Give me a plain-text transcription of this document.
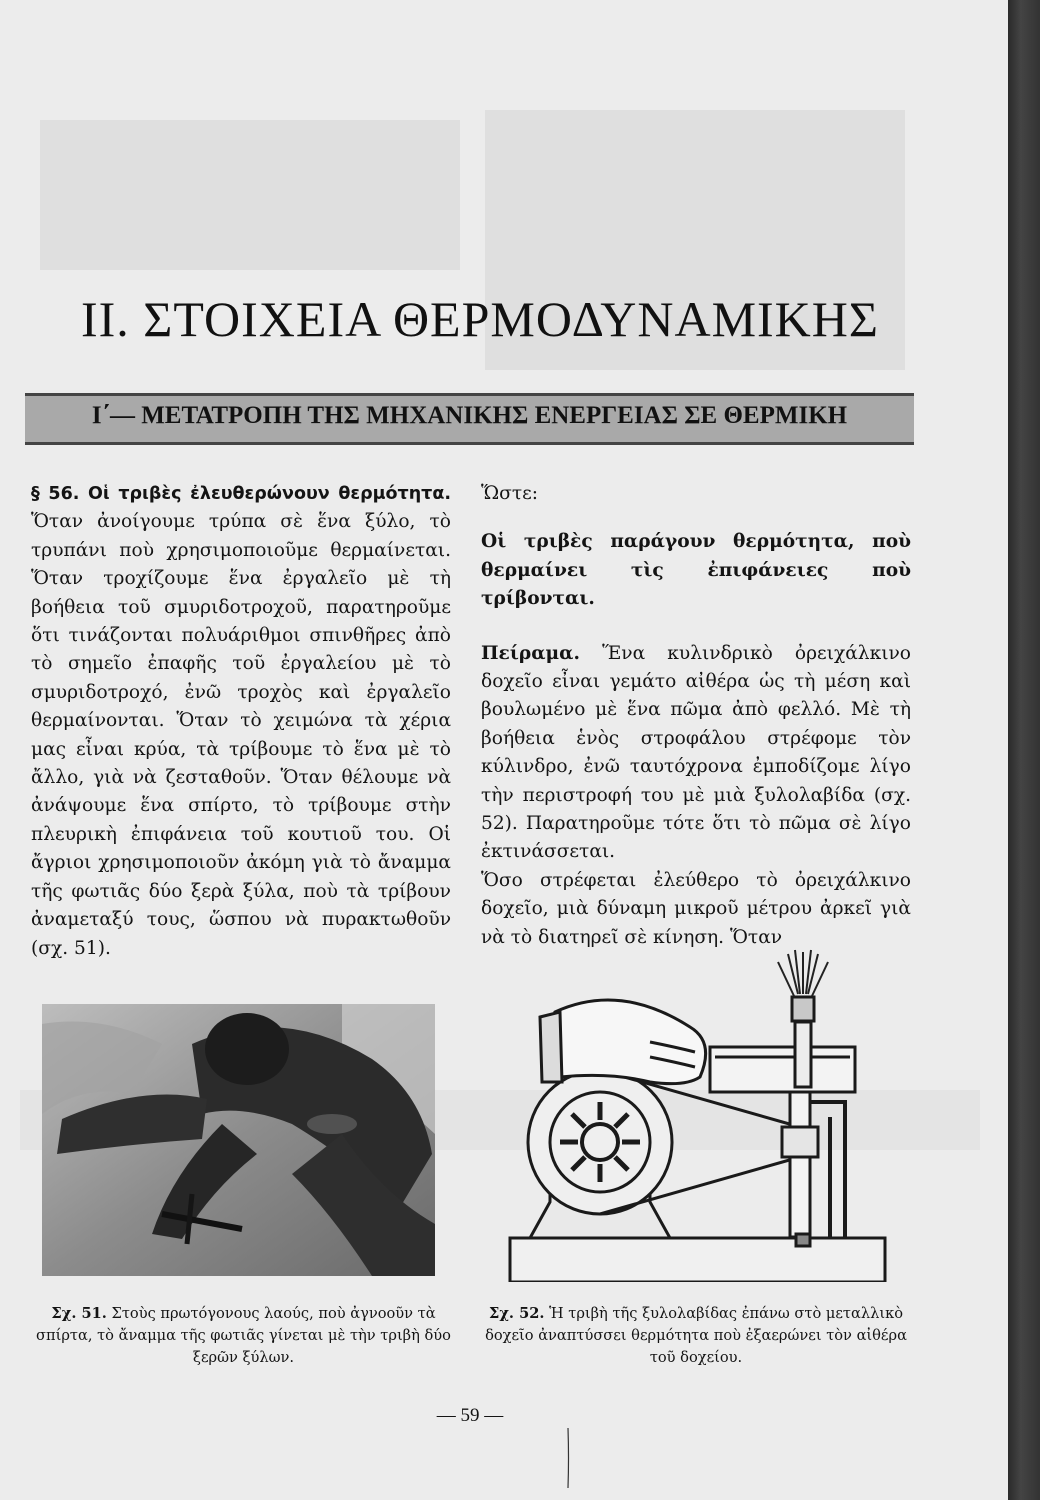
ΙΙ. ΣΤΟΙΧΕΙΑ ΘΕΡΜΟΔΥΝΑΜΙΚΗΣ
Ι΄— ΜΕΤΑΤΡΟΠΗ ΤΗΣ ΜΗΧΑΝΙΚΗΣ ΕΝΕΡΓΕΙΑΣ ΣΕ ΘΕΡΜΙΚΗ

§ 56. Οἱ τριβὲς ἐλευθερώνουν θερμότητα. Ὅταν ἀνοίγουμε τρύπα σὲ ἕνα ξύλο, τὸ τρυπάνι ποὺ χρησιμοποιοῦμε θερμαίνεται. Ὅταν τροχίζουμε ἕνα ἐργαλεῖο μὲ τὴ βοήθεια τοῦ σμυριδοτροχοῦ, παρατηροῦμε ὅτι τινάζονται πολυάριθμοι σπινθῆρες ἀπὸ τὸ σημεῖο ἐπαφῆς τοῦ ἐργαλείου μὲ τὸ σμυριδοτροχό, ἐνῶ τροχὸς καὶ ἐργαλεῖο θερμαίνονται. Ὅταν τὸ χειμώνα τὰ χέρια μας εἶναι κρύα, τὰ τρίβουμε τὸ ἕνα μὲ τὸ ἄλλο, γιὰ νὰ ζεσταθοῦν. Ὅταν θέλουμε νὰ ἀνάψουμε ἕνα σπίρτο, τὸ τρίβουμε στὴν πλευρικὴ ἐπιφάνεια τοῦ κουτιοῦ του. Οἱ ἄγριοι χρησιμοποιοῦν ἀκόμη γιὰ τὸ ἄναμμα τῆς φωτιᾶς δύο ξερὰ ξύλα, ποὺ τὰ τρίβουν ἀναμεταξύ τους, ὥσπου νὰ πυρακτωθοῦν (σχ. 51).

Ὥστε:

Οἱ τριβὲς παράγουν θερμότητα, ποὺ θερμαίνει τὶς ἐπιφάνειες ποὺ τρίβονται.

Πείραμα. Ἕνα κυλινδρικὸ ὀρειχάλκινο δοχεῖο εἶναι γεμάτο αἰθέρα ὡς τὴ μέση καὶ βουλωμένο μὲ ἕνα πῶμα ἀπὸ φελλό. Μὲ τὴ βοήθεια ἑνὸς στροφάλου στρέφομε τὸν κύλινδρο, ἐνῶ ταυτόχρονα ἐμποδίζομε λίγο τὴν περιστροφή του μὲ μιὰ ξυλολαβίδα (σχ. 52). Παρατηροῦμε τότε ὅτι τὸ πῶμα σὲ λίγο ἐκτινάσσεται.

Ὅσο στρέφεται ἐλεύθερο τὸ ὀρειχάλκινο δοχεῖο, μιὰ δύναμη μικροῦ μέτρου ἀρκεῖ γιὰ νὰ τὸ διατηρεῖ σὲ κίνηση. Ὅταν

Σχ. 51. Στοὺς πρωτόγονους λαούς, ποὺ ἀγνοοῦν τὰ σπίρτα, τὸ ἄναμμα τῆς φωτιᾶς γίνεται μὲ τὴν τριβὴ δύο ξερῶν ξύλων.
Σχ. 52. Ἡ τριβὴ τῆς ξυλολαβίδας ἐπάνω στὸ μεταλλικὸ δοχεῖο ἀναπτύσσει θερμότητα ποὺ ἐξαερώνει τὸν αἰθέρα τοῦ δοχείου.
— 59 —
